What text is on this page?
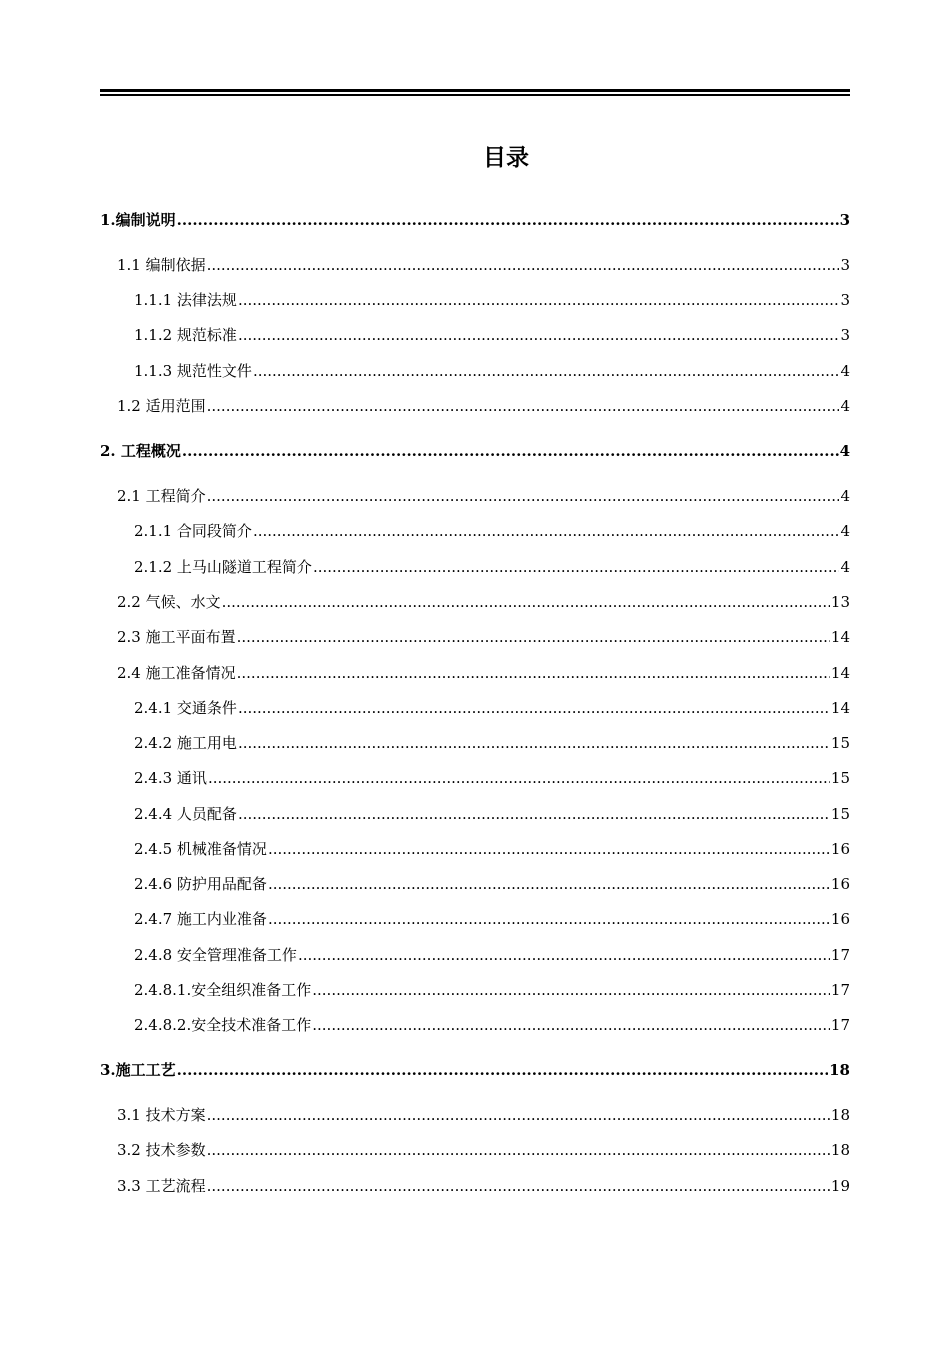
目录
1.编制说明 .....	3
1.1 编制依据 .....	3
1.1.1 法律法规 .....	3
1.1.2 规范标准 .....	3
1.1.3 规范性文件 .....	4
1.2 适用范围 .....	4
2. 工程概况 .....	4
2.1 工程简介 .....	4
2.1.1 合同段简介 .....	4
2.1.2 上马山隧道工程简介 .....	4
2.2 气候、水文 .....	13
2.3 施工平面布置 .....	14
2.4 施工准备情况 .....	14
2.4.1 交通条件 .....	14
2.4.2 施工用电 .....	15
2.4.3 通讯 .....	15
2.4.4 人员配备 .....	15
2.4.5 机械准备情况 .....	16
2.4.6 防护用品配备 .....	16
2.4.7 施工内业准备 .....	16
2.4.8 安全管理准备工作 .....	17
2.4.8.1.安全组织准备工作 .....	17
2.4.8.2.安全技术准备工作 .....	17
3.施工工艺 .....	18
3.1 技术方案 .....	18
3.2 技术参数 .....	18
3.3 工艺流程 .....	19
